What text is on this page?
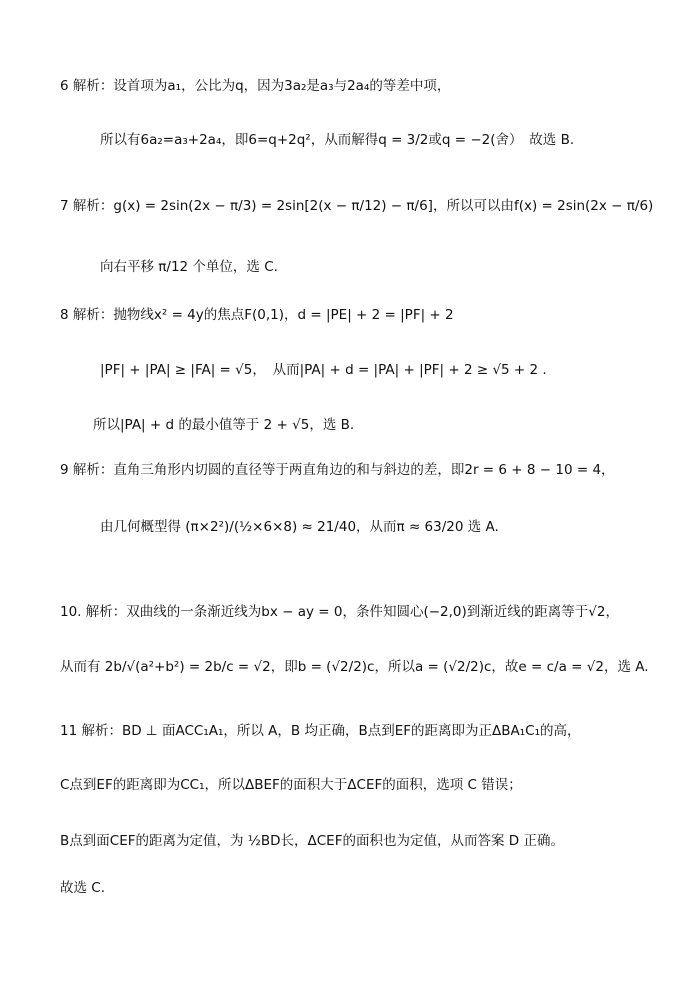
6 解析：设首项为a₁，公比为q，因为3a₂是a₃与2a₄的等差中项，
所以有6a₂=a₃+2a₄，即6=q+2q²，从而解得q = 3/2或q = −2(舍）　故选 B.
7 解析：g(x) = 2sin(2x − π/3) = 2sin[2(x − π/12) − π/6]，所以可以由f(x) = 2sin(2x − π/6)
向右平移 π/12 个单位，选 C.
8 解析：抛物线x² = 4y的焦点F(0,1)，d = |PE| + 2 = |PF| + 2
|PF| + |PA| ≥ |FA| = √5，　从而|PA| + d = |PA| + |PF| + 2 ≥ √5 + 2 .
所以|PA| + d 的最小值等于 2 + √5，选 B.
9 解析：直角三角形内切圆的直径等于两直角边的和与斜边的差，即2r = 6 + 8 − 10 = 4，
由几何概型得 (π×2²)/(½×6×8) ≈ 21/40，从而π ≈ 63/20 选 A.
10. 解析：双曲线的一条渐近线为bx − ay = 0，条件知圆心(−2,0)到渐近线的距离等于√2，
从而有 2b/√(a²+b²) = 2b/c = √2，即b = (√2/2)c，所以a = (√2/2)c，故e = c/a = √2，选 A.
11 解析：BD ⊥ 面ACC₁A₁，所以 A，B 均正确，B点到EF的距离即为正ΔBA₁C₁的高，
C点到EF的距离即为CC₁，所以ΔBEF的面积大于ΔCEF的面积，选项 C 错误；
B点到面CEF的距离为定值，为 ½BD长，ΔCEF的面积也为定值，从而答案 D 正确。
故选 C.
